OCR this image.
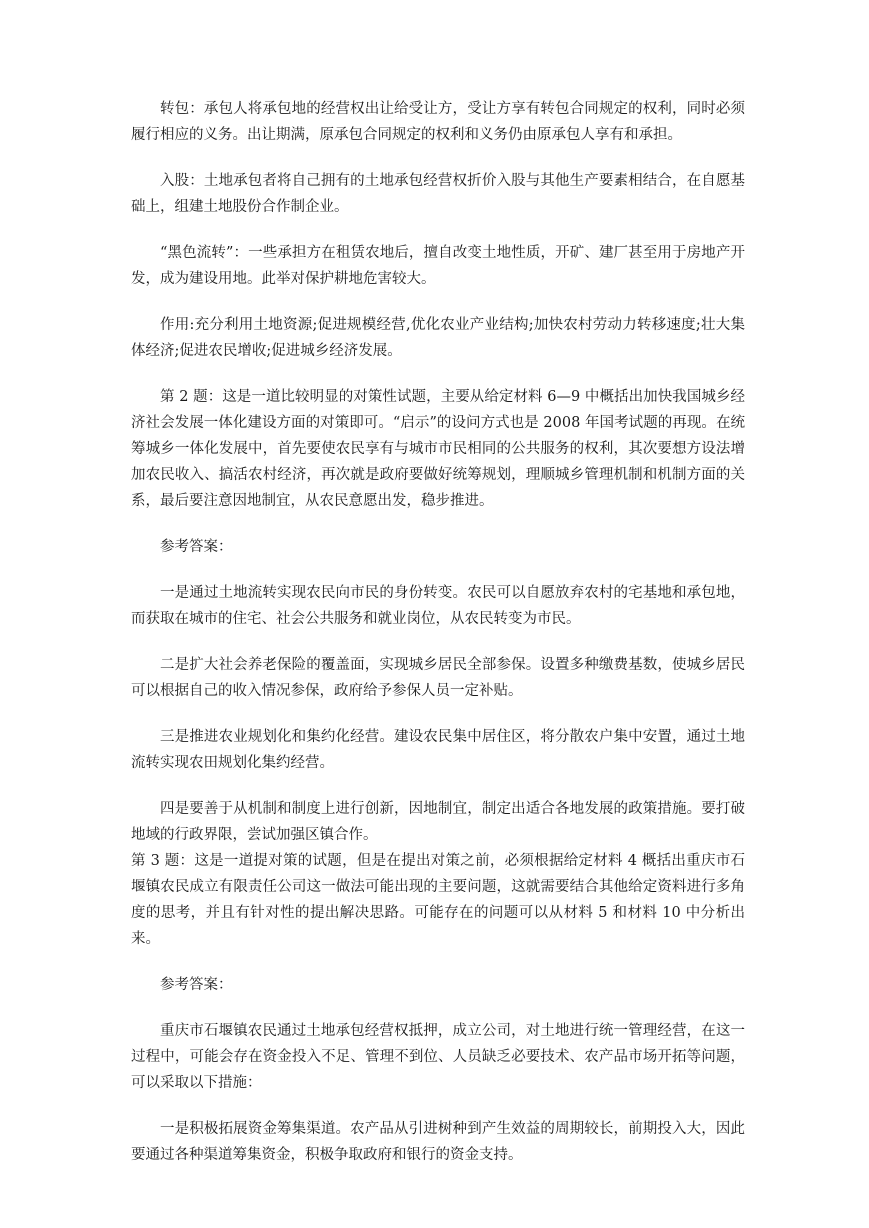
转包：承包人将承包地的经营权出让给受让方，受让方享有转包合同规定的权利，同时必须履行相应的义务。出让期满，原承包合同规定的权利和义务仍由原承包人享有和承担。

入股：土地承包者将自己拥有的土地承包经营权折价入股与其他生产要素相结合，在自愿基础上，组建土地股份合作制企业。

“黑色流转”：一些承担方在租赁农地后，擅自改变土地性质，开矿、建厂甚至用于房地产开发，成为建设用地。此举对保护耕地危害较大。

作用:充分利用土地资源;促进规模经营,优化农业产业结构;加快农村劳动力转移速度;壮大集体经济;促进农民增收;促进城乡经济发展。

第 2 题：这是一道比较明显的对策性试题，主要从给定材料 6—9 中概括出加快我国城乡经济社会发展一体化建设方面的对策即可。“启示”的设问方式也是 2008 年国考试题的再现。在统筹城乡一体化发展中，首先要使农民享有与城市市民相同的公共服务的权利，其次要想方设法增加农民收入、搞活农村经济，再次就是政府要做好统筹规划，理顺城乡管理机制和机制方面的关系，最后要注意因地制宜，从农民意愿出发，稳步推进。

参考答案：

一是通过土地流转实现农民向市民的身份转变。农民可以自愿放弃农村的宅基地和承包地，而获取在城市的住宅、社会公共服务和就业岗位，从农民转变为市民。

二是扩大社会养老保险的覆盖面，实现城乡居民全部参保。设置多种缴费基数，使城乡居民可以根据自己的收入情况参保，政府给予参保人员一定补贴。

三是推进农业规划化和集约化经营。建设农民集中居住区，将分散农户集中安置，通过土地流转实现农田规划化集约经营。

四是要善于从机制和制度上进行创新，因地制宜，制定出适合各地发展的政策措施。要打破地域的行政界限，尝试加强区镇合作。

第 3 题：这是一道提对策的试题，但是在提出对策之前，必须根据给定材料 4 概括出重庆市石堰镇农民成立有限责任公司这一做法可能出现的主要问题，这就需要结合其他给定资料进行多角度的思考，并且有针对性的提出解决思路。可能存在的问题可以从材料 5 和材料 10 中分析出来。

参考答案：

重庆市石堰镇农民通过土地承包经营权抵押，成立公司，对土地进行统一管理经营，在这一过程中，可能会存在资金投入不足、管理不到位、人员缺乏必要技术、农产品市场开拓等问题，可以采取以下措施：

一是积极拓展资金筹集渠道。农产品从引进树种到产生效益的周期较长，前期投入大，因此要通过各种渠道筹集资金，积极争取政府和银行的资金支持。
